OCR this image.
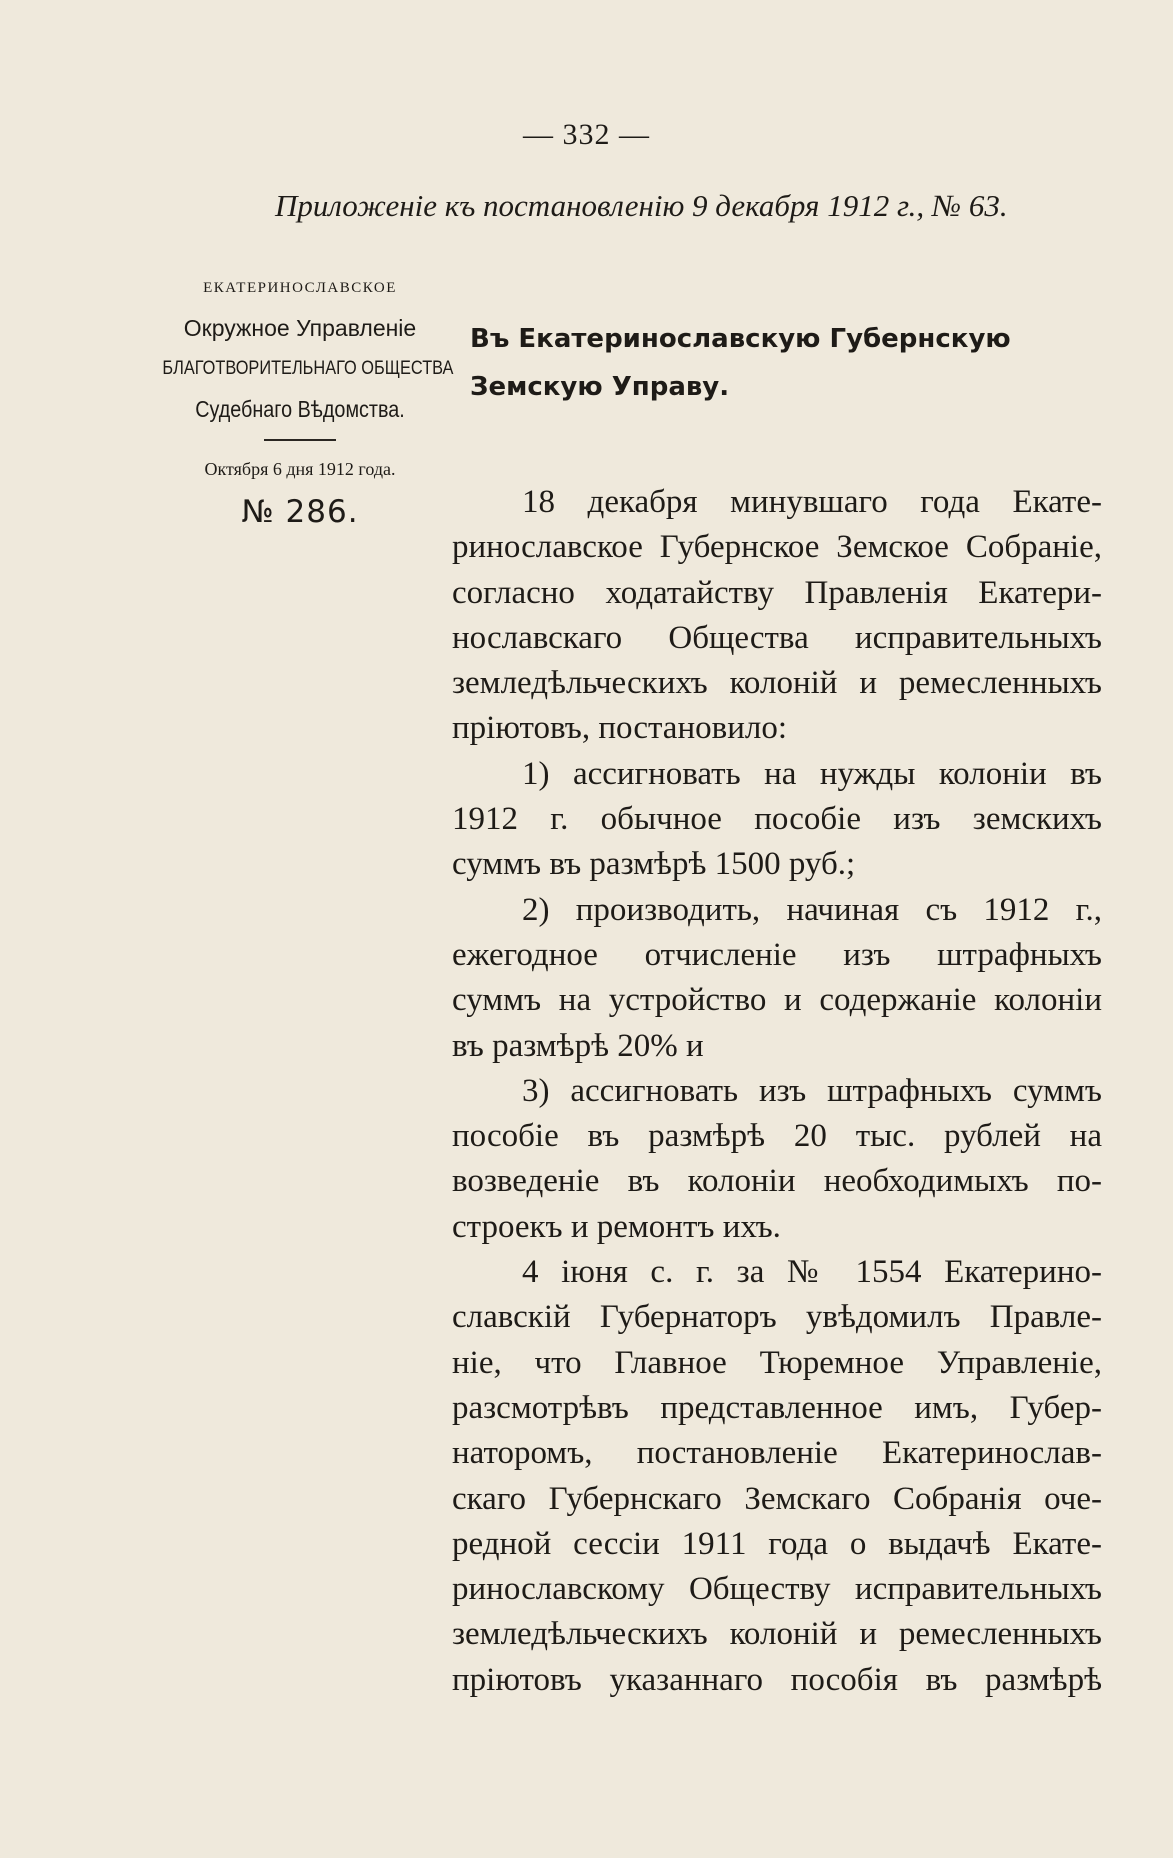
— 332 —
Приложеніе къ постановленію 9 декабря 1912 г., № 63.
ЕКАТЕРИНОСЛАВСКОЕ
Окружное Управленіе
БЛАГОТВОРИТЕЛЬНАГО ОБЩЕСТВА
Судебнаго Вѣдомства.
Октября 6 дня 1912 года.
№ 286.
Въ Екатеринославскую Губернскую
Земскую Управу.
18 декабря минувшаго года Екате-
ринославское Губернское Земское Собраніе,
согласно ходатайству Правленія Екатери-
нославскаго Общества исправительныхъ
земледѣльческихъ колоній и ремесленныхъ
пріютовъ, постановило:
1) ассигновать на нужды колоніи въ
1912 г. обычное пособіе изъ земскихъ
суммъ въ размѣрѣ 1500 руб.;
2) производить, начиная съ 1912 г.,
ежегодное отчисленіе изъ штрафныхъ
суммъ на устройство и содержаніе колоніи
въ размѣрѣ 20% и
3) ассигновать изъ штрафныхъ суммъ
пособіе въ размѣрѣ 20 тыс. рублей на
возведеніе въ колоніи необходимыхъ по-
строекъ и ремонтъ ихъ.
4 іюня с. г. за № 1554 Екатерино-
славскій Губернаторъ увѣдомилъ Правле-
ніе, что Главное Тюремное Управленіе,
разсмотрѣвъ представленное имъ, Губер-
наторомъ, постановленіе Екатеринослав-
скаго Губернскаго Земскаго Собранія оче-
редной сессіи 1911 года о выдачѣ Екате-
ринославскому Обществу исправительныхъ
земледѣльческихъ колоній и ремесленныхъ
пріютовъ указаннаго пособія въ размѣрѣ
